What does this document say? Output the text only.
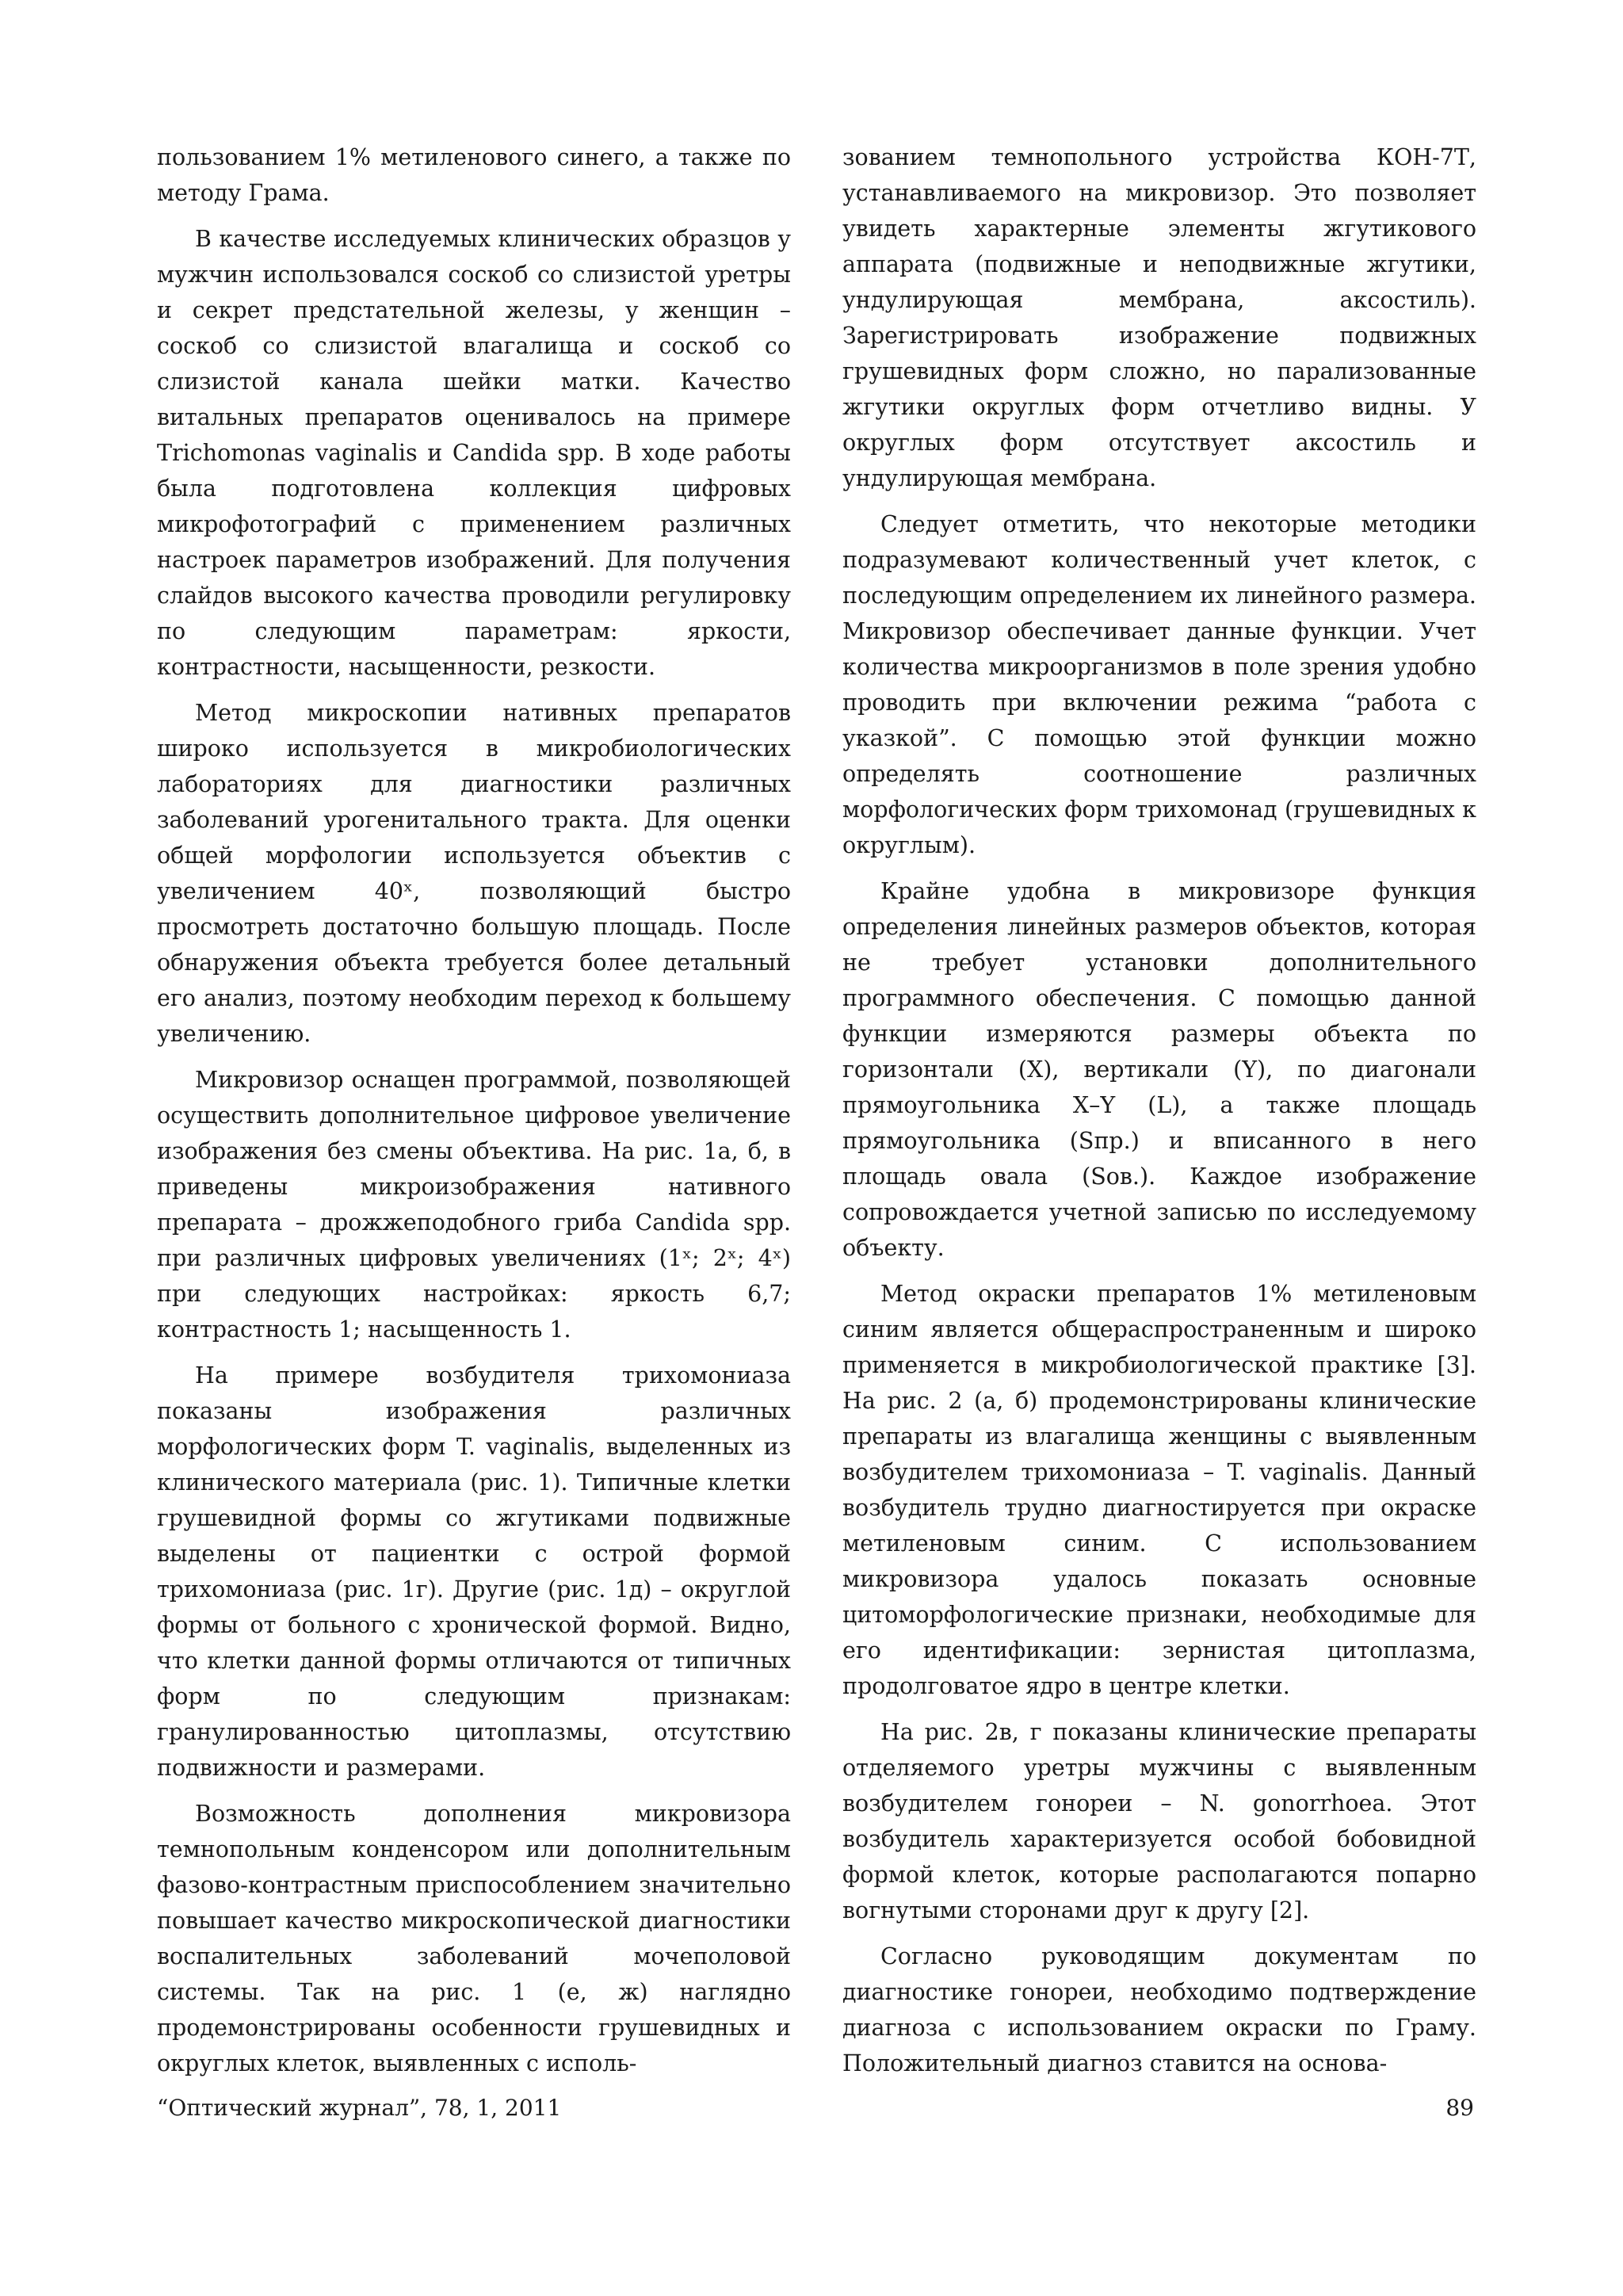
пользованием 1% метиленового синего, а также по методу Грама.

В качестве исследуемых клинических образцов у мужчин использовался соскоб со слизистой уретры и секрет предстательной железы, у женщин – соскоб со слизистой влагалища и соскоб со слизистой канала шейки матки. Качество витальных препаратов оценивалось на примере Trichomonas vaginalis и Candida spp. В ходе работы была подготовлена коллекция цифровых микрофотографий с применением различных настроек параметров изображений. Для получения слайдов высокого качества проводили регулировку по следующим параметрам: яркости, контрастности, насыщенности, резкости.

Метод микроскопии нативных препаратов широко используется в микробиологических лабораториях для диагностики различных заболеваний урогенитального тракта. Для оценки общей морфологии используется объектив с увеличением 40ˣ, позволяющий быстро просмотреть достаточно большую площадь. После обнаружения объекта требуется более детальный его анализ, поэтому необходим переход к большему увеличению.

Микровизор оснащен программой, позволяющей осуществить дополнительное цифровое увеличение изображения без смены объектива. На рис. 1а, б, в приведены микроизображения нативного препарата – дрожжеподобного гриба Candida spp. при различных цифровых увеличениях (1ˣ; 2ˣ; 4ˣ) при следующих настройках: яркость 6,7; контрастность 1; насыщенность 1.

На примере возбудителя трихомониаза показаны изображения различных морфологических форм T. vaginalis, выделенных из клинического материала (рис. 1). Типичные клетки грушевидной формы со жгутиками подвижные выделены от пациентки с острой формой трихомониаза (рис. 1г). Другие (рис. 1д) – округлой формы от больного с хронической формой. Видно, что клетки данной формы отличаются от типичных форм по следующим признакам: гранулированностью цитоплазмы, отсутствию подвижности и размерами.

Возможность дополнения микровизора темнопольным конденсором или дополнительным фазово-контрастным приспособлением значительно повышает качество микроскопической диагностики воспалительных заболеваний мочеполовой системы. Так на рис. 1 (е, ж) наглядно продемонстрированы особенности грушевидных и округлых клеток, выявленных с исполь-

зованием темнопольного устройства КОН-7Т, устанавливаемого на микровизор. Это позволяет увидеть характерные элементы жгутикового аппарата (подвижные и неподвижные жгутики, ундулирующая мембрана, аксостиль). Зарегистрировать изображение подвижных грушевидных форм сложно, но парализованные жгутики округлых форм отчетливо видны. У округлых форм отсутствует аксостиль и ундулирующая мембрана.

Следует отметить, что некоторые методики подразумевают количественный учет клеток, с последующим определением их линейного размера. Микровизор обеспечивает данные функции. Учет количества микроорганизмов в поле зрения удобно проводить при включении режима “работа с указкой”. С помощью этой функции можно определять соотношение различных морфологических форм трихомонад (грушевидных к округлым).

Крайне удобна в микровизоре функция определения линейных размеров объектов, которая не требует установки дополнительного программного обеспечения. С помощью данной функции измеряются размеры объекта по горизонтали (X), вертикали (Y), по диагонали прямоугольника X–Y (L), а также площадь прямоугольника (Sпр.) и вписанного в него площадь овала (Sов.). Каждое изображение сопровождается учетной записью по исследуемому объекту.

Метод окраски препаратов 1% метиленовым синим является общераспространенным и широко применяется в микробиологической практике [3]. На рис. 2 (а, б) продемонстрированы клинические препараты из влагалища женщины с выявленным возбудителем трихомониаза – T. vaginalis. Данный возбудитель трудно диагностируется при окраске метиленовым синим. С использованием микровизора удалось показать основные цитоморфологические признаки, необходимые для его идентификации: зернистая цитоплазма, продолговатое ядро в центре клетки.

На рис. 2в, г показаны клинические препараты отделяемого уретры мужчины с выявленным возбудителем гонореи – N. gonorrhoea. Этот возбудитель характеризуется особой бобовидной формой клеток, которые располагаются попарно вогнутыми сторонами друг к другу [2].

Согласно руководящим документам по диагностике гонореи, необходимо подтверждение диагноза с использованием окраски по Граму. Положительный диагноз ставится на основа-

“Оптический журнал”, 78, 1, 2011	89
